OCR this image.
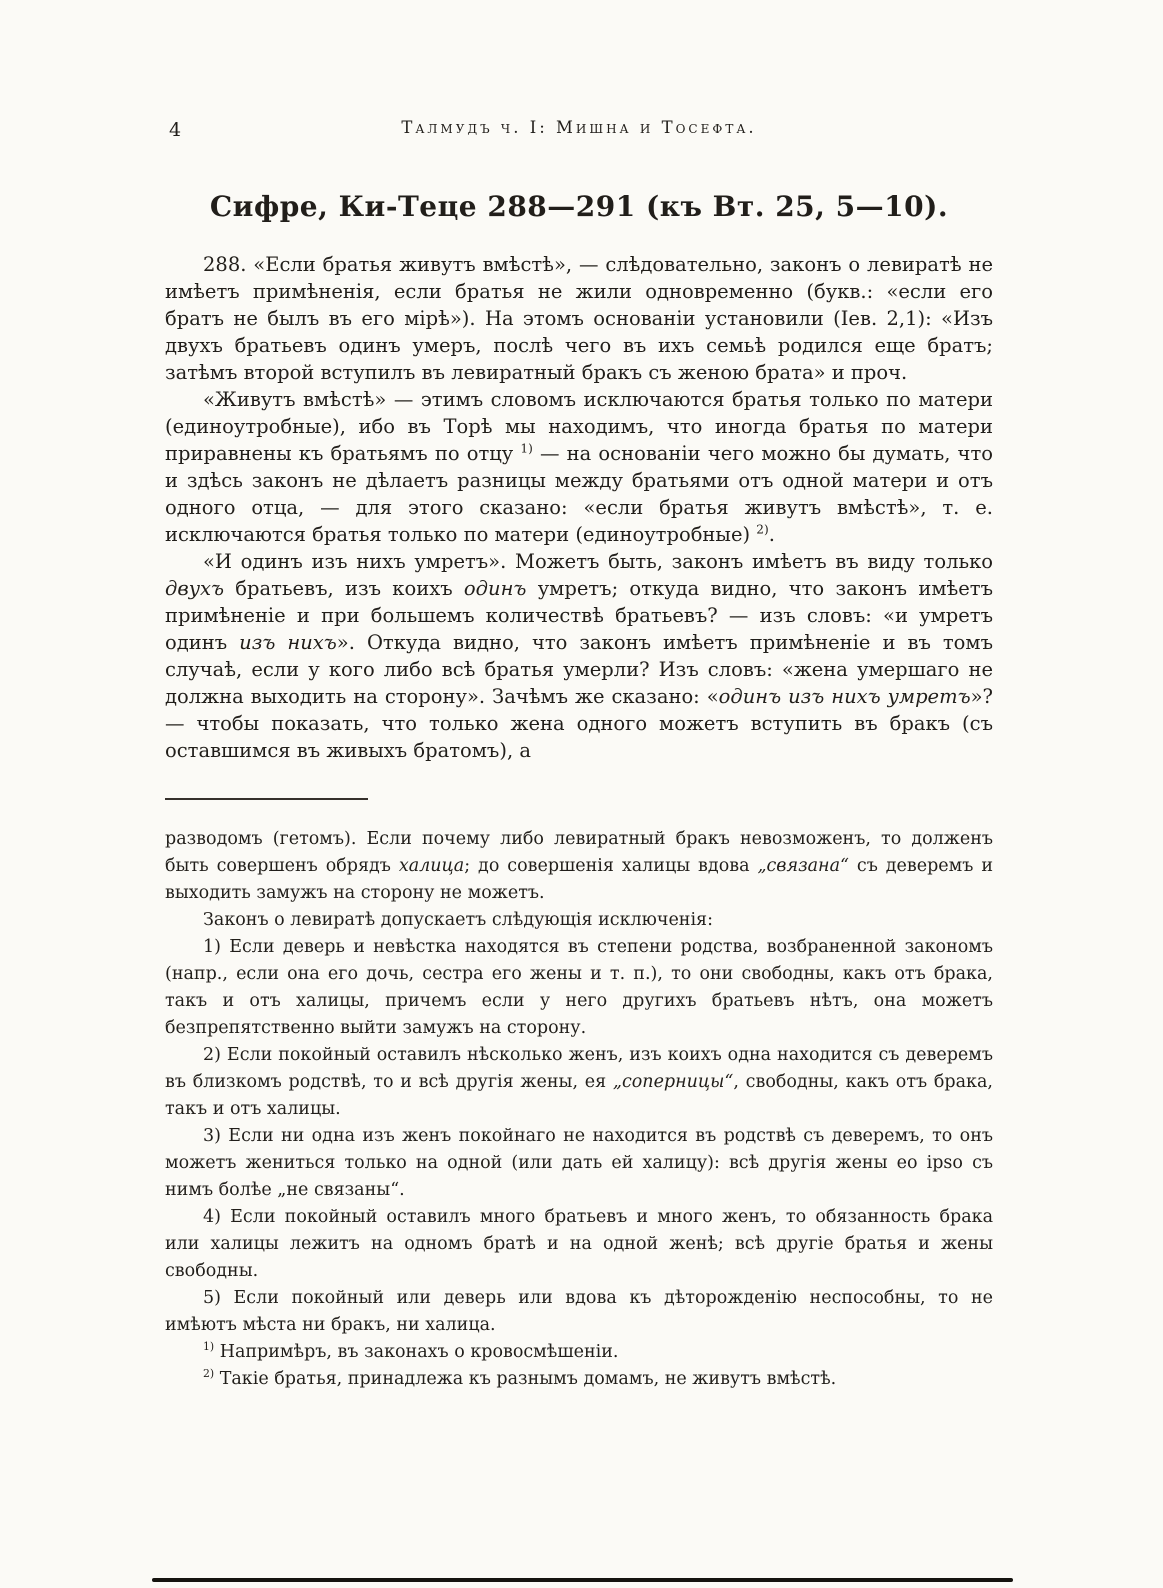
4	Талмудъ ч. I: Мишна и Тосефта.
Сифре, Ки-Теце 288—291 (къ Вт. 25, 5—10).

288. «Если братья живутъ вмѣстѣ», — слѣдовательно, законъ о левиратѣ не имѣетъ примѣненія, если братья не жили одновременно (букв.: «если его братъ не былъ въ его мірѣ»). На этомъ основаніи установили (Іев. 2,1): «Изъ двухъ братьевъ одинъ умеръ, послѣ чего въ ихъ семьѣ родился еще братъ; затѣмъ второй вступилъ въ левиратный бракъ съ женою брата» и проч.

«Живутъ вмѣстѣ» — этимъ словомъ исключаются братья только по матери (единоутробные), ибо въ Торѣ мы находимъ, что иногда братья по матери приравнены къ братьямъ по отцу $^{1)}$ — на основаніи чего можно бы думать, что и здѣсь законъ не дѣлаетъ разницы между братьями отъ одной матери и отъ одного отца, — для этого сказано: «если братья живутъ вмѣстѣ», т. е. исключаются братья только по матери (единоутробные) $^{2)}$.

«И одинъ изъ нихъ умретъ». Можетъ быть, законъ имѣетъ въ виду только двухъ братьевъ, изъ коихъ одинъ умретъ; откуда видно, что законъ имѣетъ примѣненіе и при большемъ количествѣ братьевъ? — изъ словъ: «и умретъ одинъ изъ нихъ». Откуда видно, что законъ имѣетъ примѣненіе и въ томъ случаѣ, если у кого либо всѣ братья умерли? Изъ словъ: «жена умершаго не должна выходить на сторону». Зачѣмъ же сказано: «одинъ изъ нихъ умретъ»? — чтобы показать, что только жена одного можетъ вступить въ бракъ (съ оставшимся въ живыхъ братомъ), а

разводомъ (гетомъ). Если почему либо левиратный бракъ невозможенъ, то долженъ быть совершенъ обрядъ халица; до совершенія халицы вдова „связана“ съ деверемъ и выходить замужъ на сторону не можетъ.

Законъ о левиратѣ допускаетъ слѣдующія исключенія:

1) Если деверь и невѣстка находятся въ степени родства, возбраненной закономъ (напр., если она его дочь, сестра его жены и т. п.), то они свободны, какъ отъ брака, такъ и отъ халицы, причемъ если у него другихъ братьевъ нѣтъ, она можетъ безпрепятственно выйти замужъ на сторону.

2) Если покойный оставилъ нѣсколько женъ, изъ коихъ одна находится съ деверемъ въ близкомъ родствѣ, то и всѣ другія жены, ея „соперницы“, свободны, какъ отъ брака, такъ и отъ халицы.

3) Если ни одна изъ женъ покойнаго не находится въ родствѣ съ деверемъ, то онъ можетъ жениться только на одной (или дать ей халицу): всѣ другія жены eo ipso съ нимъ болѣе „не связаны“.

4) Если покойный оставилъ много братьевъ и много женъ, то обязанность брака или халицы лежитъ на одномъ братѣ и на одной женѣ; всѣ другіе братья и жены свободны.

5) Если покойный или деверь или вдова къ дѣторожденію неспособны, то не имѣютъ мѣста ни бракъ, ни халица.

$^{1)}$ Напримѣръ, въ законахъ о кровосмѣшеніи.

$^{2)}$ Такіе братья, принадлежа къ разнымъ домамъ, не живутъ вмѣстѣ.
